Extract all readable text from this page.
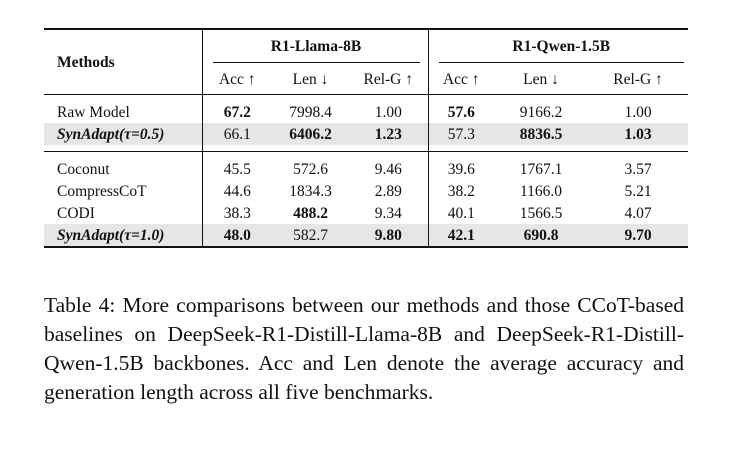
Methods	R1-Llama-8B			R1-Qwen-1.5B		

	Acc ↑	Len ↓	Rel-G ↑	Acc ↑	Len ↓	Rel-G ↑

Raw Model	67.2	7998.4	1.00	57.6	9166.2	1.00
SynAdapt(τ=0.5)	66.1	6406.2	1.23	57.3	8836.5	1.03

Coconut	45.5	572.6	9.46	39.6	1767.1	3.57
CompressCoT	44.6	1834.3	2.89	38.2	1166.0	5.21
CODI	38.3	488.2	9.34	40.1	1566.5	4.07
SynAdapt(τ=1.0)	48.0	582.7	9.80	42.1	690.8	9.70
Table 4: More comparisons between our methods and those CCoT-based baselines on DeepSeek-R1-Distill-Llama-8B and DeepSeek-R1-Distill-Qwen-1.5B backbones. Acc and Len denote the average accuracy and generation length across all five benchmarks.
